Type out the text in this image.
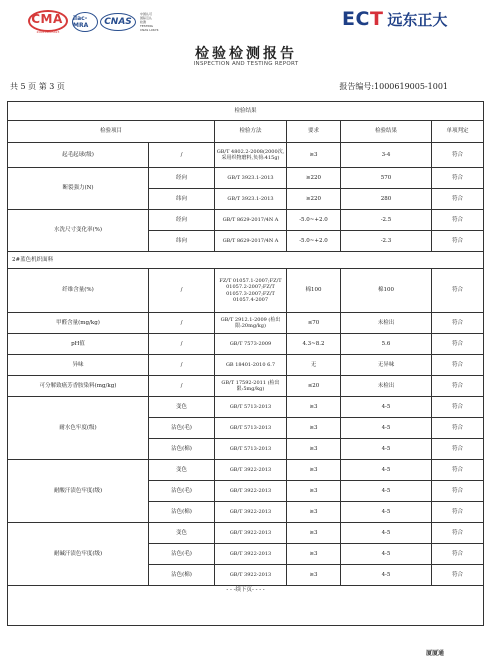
CMA
200819005423
ilac-MRA	CNAS
中国认可
国际互认
检测
TESTING
CNAS L0674	ECT 远东正大
检验检测报告
INSPECTION AND TESTING REPORT
共 5 页 第 3 页	报告编号:1000619005-1001
检验结果					
检验项目		检验方法	要求	检验结果	单项判定
起毛起球(级)	/	GB/T 4802.2-2008(2000次,采用织物磨料,负荷:415g)	≥3	3-4	符合
断裂强力(N)	经向	GB/T 3923.1-2013	≥220	570	符合
	纬向	GB/T 3923.1-2013	≥220	280	符合
水洗尺寸变化率(%)	经向	GB/T 8629-2017/4N A	-5.0~+2.0	-2.5	符合
	纬向	GB/T 8629-2017/4N A	-5.0~+2.0	-2.3	符合
2#蓝色机织面料					
纤维含量(%)	/	FZ/T 01057.1-2007;FZ/T 01057.2-2007;FZ/T 01057.3-2007;FZ/T 01057.4-2007	棉100	棉100	符合
甲醛含量(mg/kg)	/	GB/T 2912.1-2009 (检出限:20mg/kg)	≤70	未检出	符合
pH值	/	GB/T 7573-2009	4.3~8.2	5.6	符合
异味	/	GB 18401-2010 6.7	无	无异味	符合
可分解致癌芳香胺染料(mg/kg)	/	GB/T 17592-2011 (检出限:5mg/kg)	≤20	未检出	符合
耐水色牢度(级)	变色	GB/T 5713-2013	≥3	4-5	符合
	沾色(毛)	GB/T 5713-2013	≥3	4-5	符合
	沾色(棉)	GB/T 5713-2013	≥3	4-5	符合
耐酸汗渍色牢度(级)	变色	GB/T 3922-2013	≥3	4-5	符合
	沾色(毛)	GB/T 3922-2013	≥3	4-5	符合
	沾色(棉)	GB/T 3922-2013	≥3	4-5	符合
耐碱汗渍色牢度(级)	变色	GB/T 3922-2013	≥3	4-5	符合
	沾色(毛)	GB/T 3922-2013	≥3	4-5	符合
	沾色(棉)	GB/T 3922-2013	≥3	4-5	符合
- - -续下页- - - -					
厦厦通
